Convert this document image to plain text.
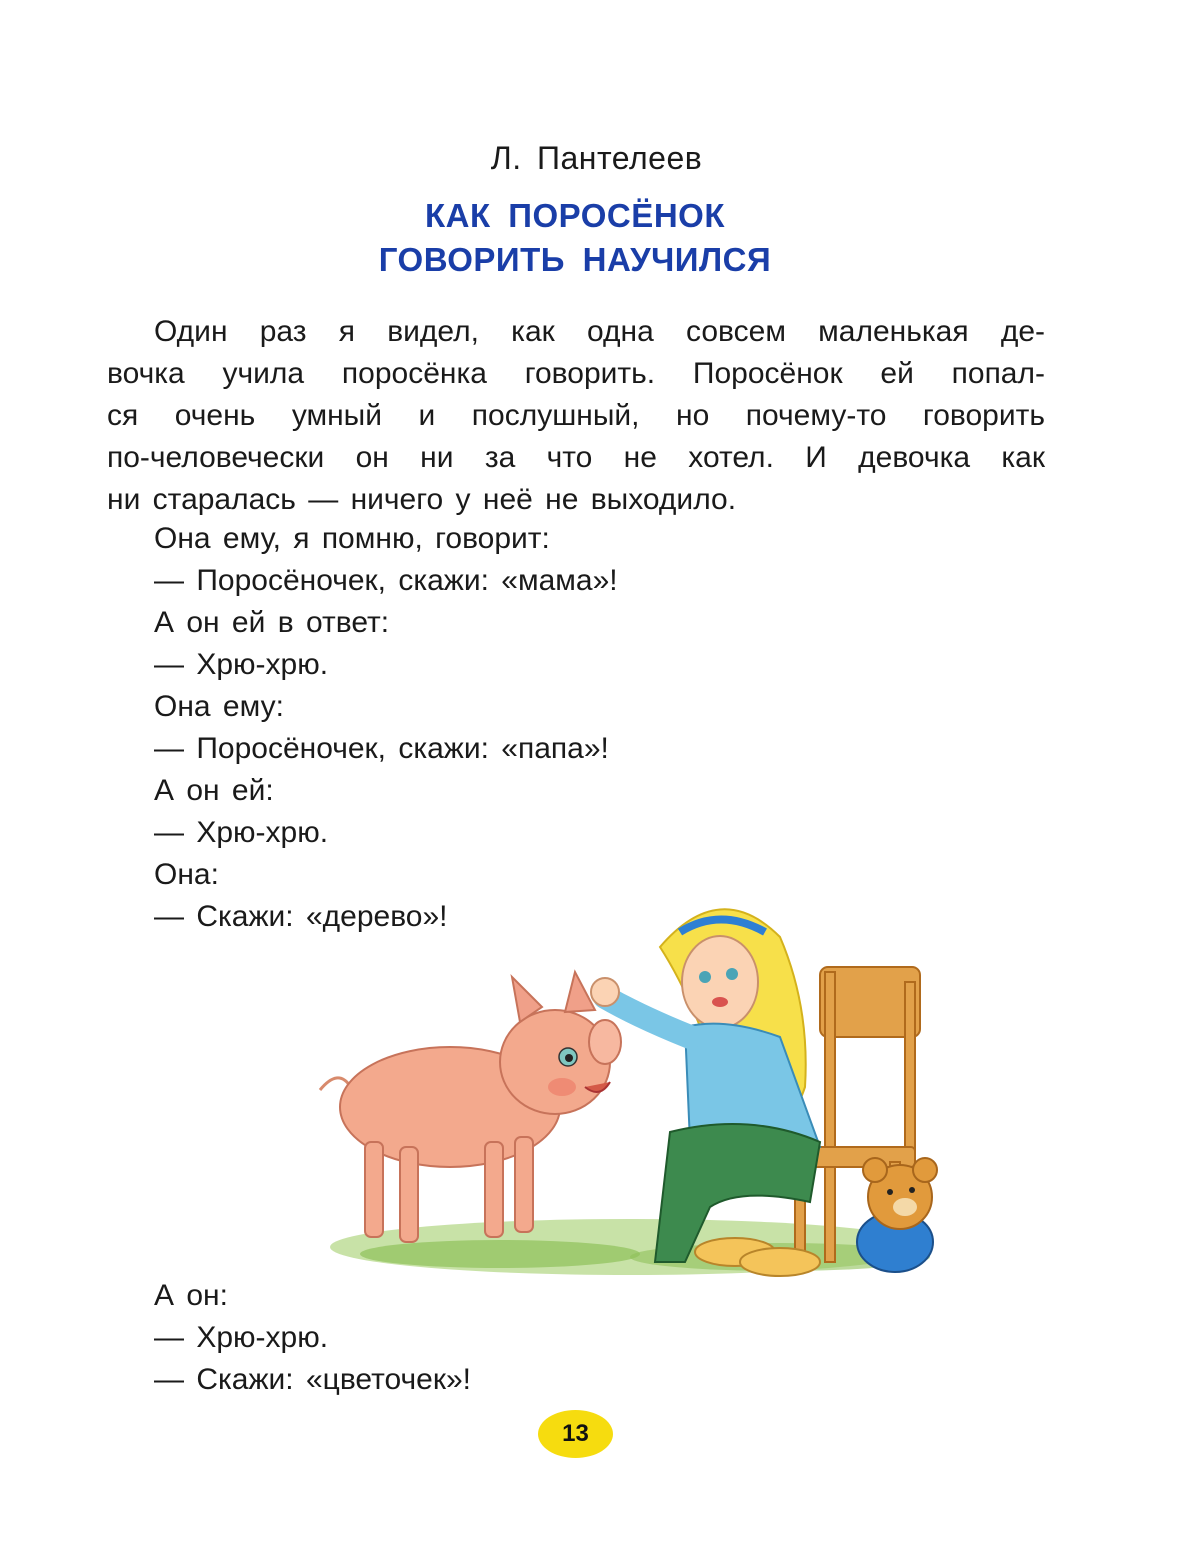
Л. Пантелеев
КАК ПОРОСЁНОК
ГОВОРИТЬ НАУЧИЛСЯ
Один раз я видел, как одна совсем маленькая де-
вочка учила поросёнка говорить. Поросёнок ей попал-
ся очень умный и послушный, но почему-то говорить
по-человечески он ни за что не хотел. И девочка как
ни старалась — ничего у неё не выходило.
Она ему, я помню, говорит:
— Поросёночек, скажи: «мама»!
А он ей в ответ:
— Хрю-хрю.
Она ему:
— Поросёночек, скажи: «папа»!
А он ей:
— Хрю-хрю.
Она:
— Скажи: «дерево»!
А он:
— Хрю-хрю.
— Скажи: «цветочек»!
13
